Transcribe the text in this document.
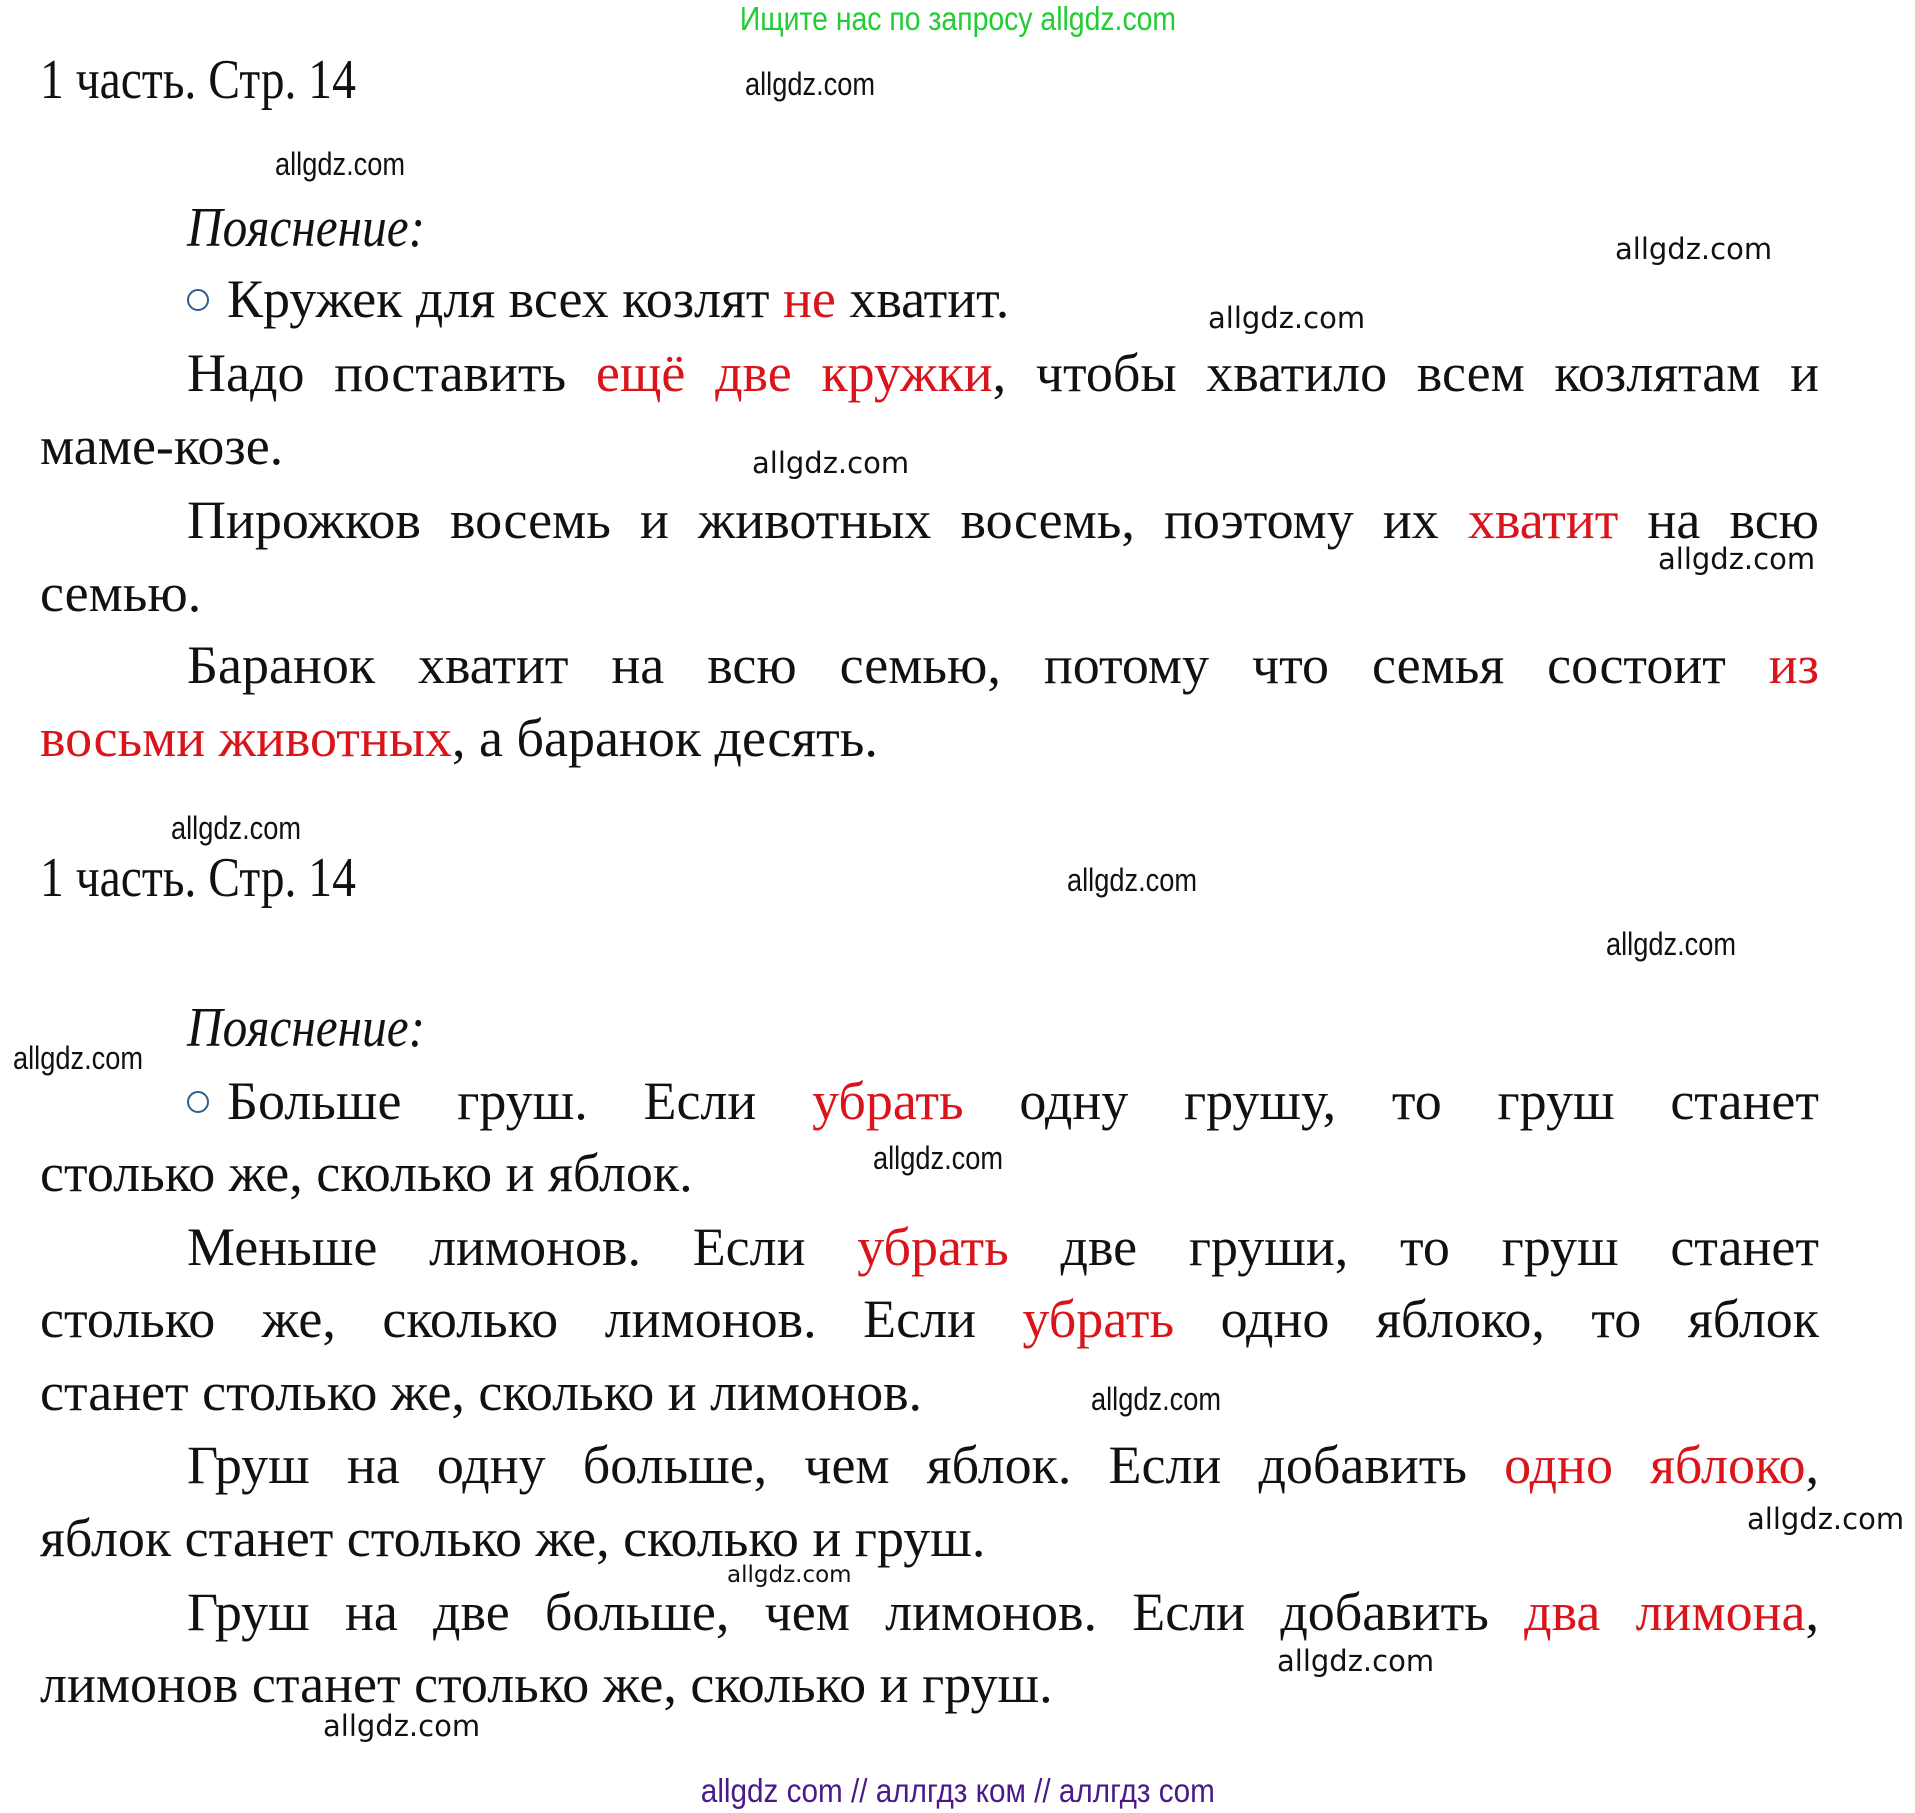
Ищите нас по запросу allgdz.com
1 часть. Стр. 14	allgdz.com
allgdz.com
Пояснение:	allgdz.com
Кружек для всех козлят не хватит.	allgdz.com
Надо поставить ещё две кружки, чтобы хватило всем козлятам и
маме-козе.	allgdz.com
Пирожков восемь и животных восемь, поэтому их хватит на всю
allgdz.com
семью.
Баранок хватит на всю семью, потому что семья состоит из
восьми животных, а баранок десять.
allgdz.com
1 часть. Стр. 14	allgdz.com
allgdz.com
Пояснение:
allgdz.com
Больше груш. Если убрать одну грушу, то груш станет
allgdz.com
столько же, сколько и яблок.
Меньше лимонов. Если убрать две груши, то груш станет
столько же, сколько лимонов. Если убрать одно яблоко, то яблок
станет столько же, сколько и лимонов.	allgdz.com
Груш на одну больше, чем яблок. Если добавить одно яблоко,
allgdz.com
яблок станет столько же, сколько и груш.
allgdz.com
Груш на две больше, чем лимонов. Если добавить два лимона,
allgdz.com
лимонов станет столько же, сколько и груш.
allgdz.com
allgdz com // аллгдз ком // аллгдз com
